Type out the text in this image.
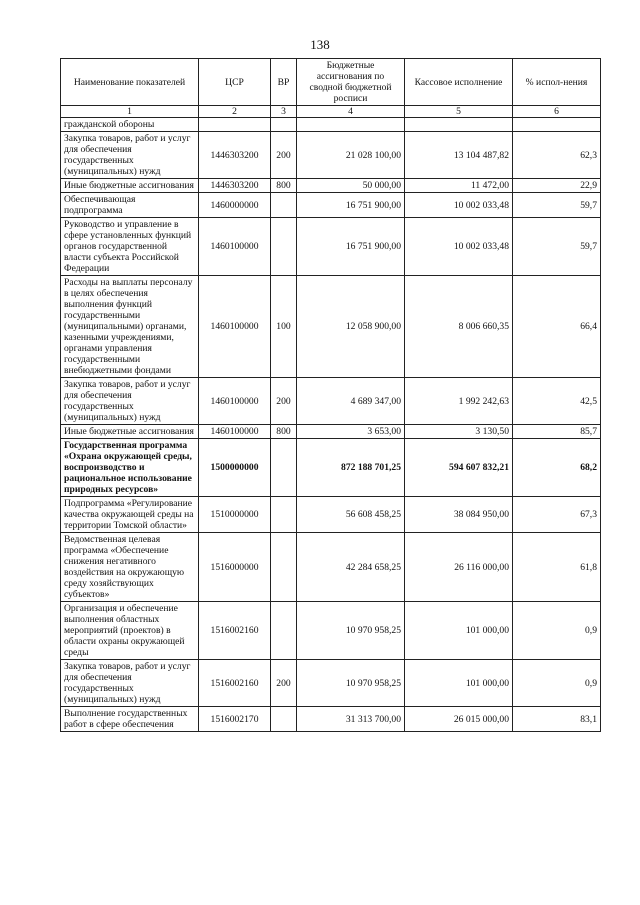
138
Наименование показателей	ЦСР	ВР	Бюджетные ассигнования по сводной бюджетной росписи	Кассовое исполнение	% испол-нения
1	2	3	4	5	6
гражданской обороны					
Закупка товаров, работ и услуг для обеспечения государственных (муниципальных) нужд	1446303200	200	21 028 100,00	13 104 487,82	62,3
Иные бюджетные ассигнования	1446303200	800	50 000,00	11 472,00	22,9
Обеспечивающая подпрограмма	1460000000		16 751 900,00	10 002 033,48	59,7
Руководство и управление в сфере установленных функций органов государственной власти субъекта Российской Федерации	1460100000		16 751 900,00	10 002 033,48	59,7
Расходы на выплаты персоналу в целях обеспечения выполнения функций государственными (муниципальными) органами, казенными учреждениями, органами управления государственными внебюджетными фондами	1460100000	100	12 058 900,00	8 006 660,35	66,4
Закупка товаров, работ и услуг для обеспечения государственных (муниципальных) нужд	1460100000	200	4 689 347,00	1 992 242,63	42,5
Иные бюджетные ассигнования	1460100000	800	3 653,00	3 130,50	85,7
Государственная программа «Охрана окружающей среды, воспроизводство и рациональное использование природных ресурсов»	1500000000		872 188 701,25	594 607 832,21	68,2
Подпрограмма «Регулирование качества окружающей среды на территории Томской области»	1510000000		56 608 458,25	38 084 950,00	67,3
Ведомственная целевая программа «Обеспечение снижения негативного воздействия на окружающую среду хозяйствующих субъектов»	1516000000		42 284 658,25	26 116 000,00	61,8
Организация и обеспечение выполнения областных мероприятий (проектов) в области охраны окружающей среды	1516002160		10 970 958,25	101 000,00	0,9
Закупка товаров, работ и услуг для обеспечения государственных (муниципальных) нужд	1516002160	200	10 970 958,25	101 000,00	0,9
Выполнение государственных работ в сфере обеспечения	1516002170		31 313 700,00	26 015 000,00	83,1
